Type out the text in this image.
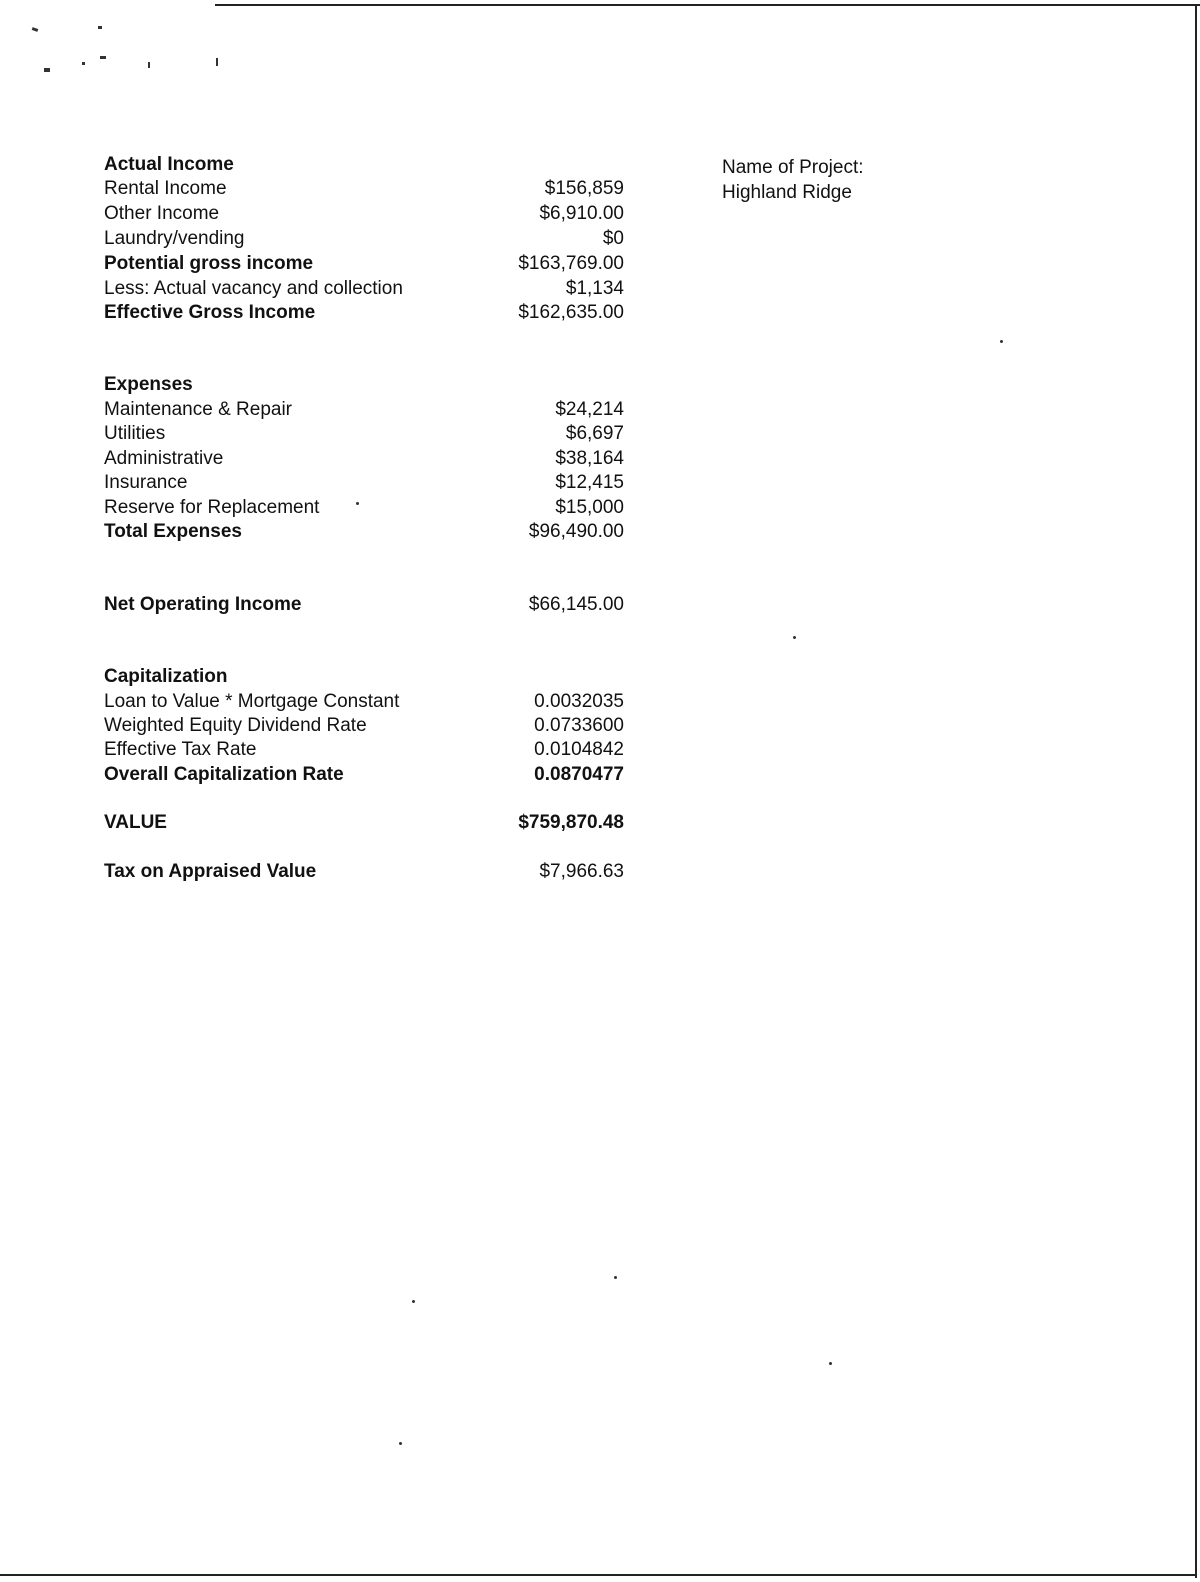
Name of Project:
Highland Ridge
Actual Income
Rental Income	$156,859
Other Income	$6,910.00
Laundry/vending	$0
Potential gross income	$163,769.00
Less: Actual vacancy and collection	$1,134
Effective Gross Income	$162,635.00
Expenses
Maintenance & Repair	$24,214
Utilities	$6,697
Administrative	$38,164
Insurance	$12,415
Reserve for Replacement	$15,000
Total Expenses	$96,490.00
Net Operating Income	$66,145.00
Capitalization
Loan to Value * Mortgage Constant	0.0032035
Weighted Equity Dividend Rate	0.0733600
Effective Tax Rate	0.0104842
Overall Capitalization Rate	0.0870477
VALUE	$759,870.48
Tax on Appraised Value	$7,966.63
